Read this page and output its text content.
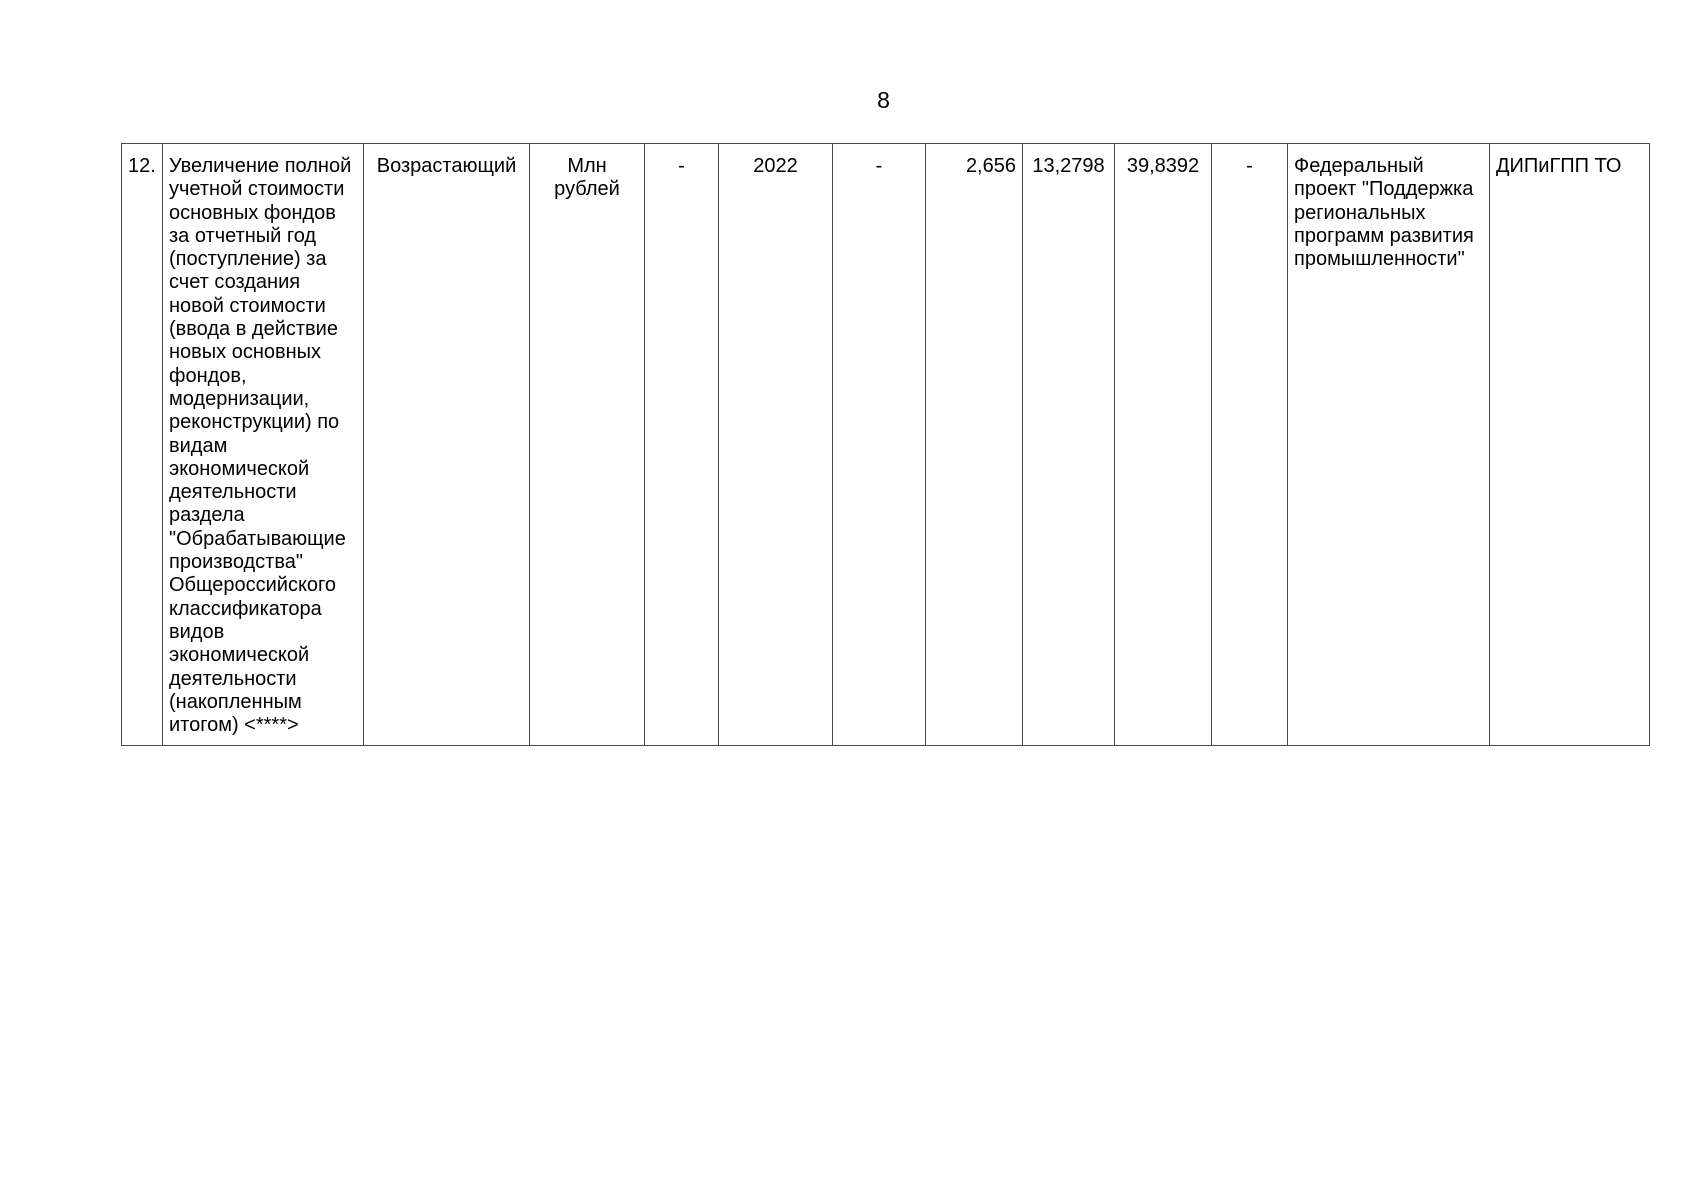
8
12.	Увеличение полной учетной стоимости основных фондов за отчетный год (поступление) за счет создания новой стоимости (ввода в действие новых основных фондов, модернизации, реконструкции) по видам экономической деятельности раздела "Обрабатывающие производства" Общероссийского классификатора видов экономической деятельности (накопленным итогом) <****>	Возрастающий	Млн рублей	-	2022	-	2,656	13,2798	39,8392	-	Федеральный проект "Поддержка региональных программ развития промышленности"	ДИПиГПП ТО
